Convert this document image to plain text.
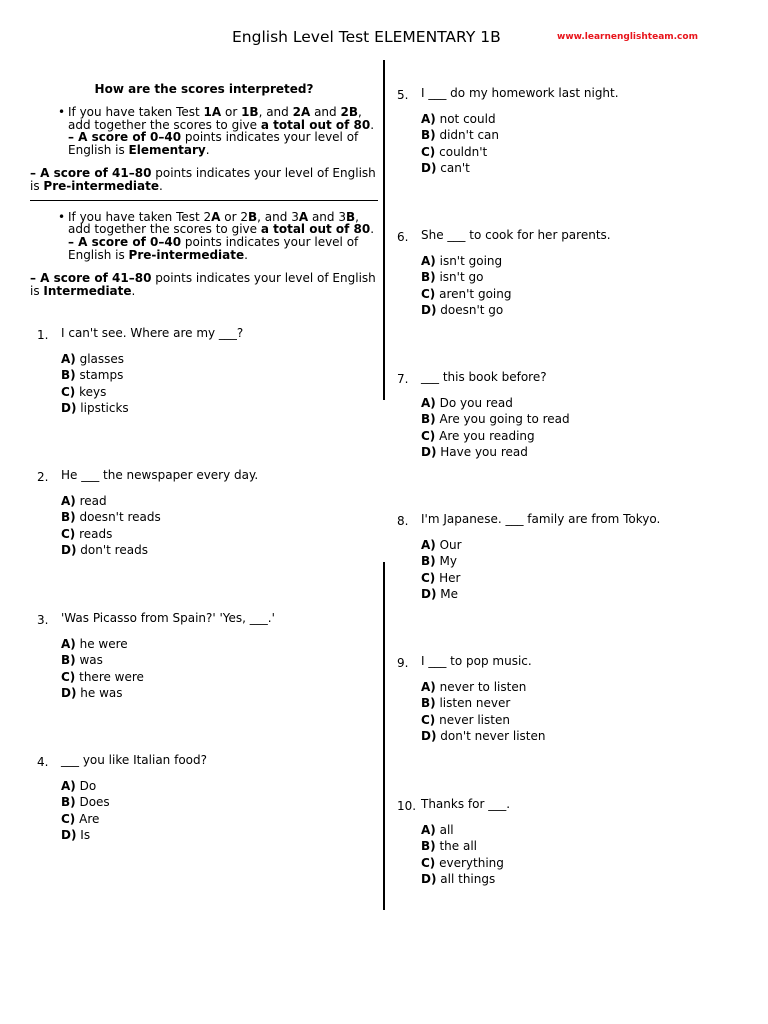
English Level Test ELEMENTARY 1B	www.learnenglishteam.com
How are the scores interpreted?
• If you have taken Test 1A or 1B, and 2A and 2B, add together the scores to give a total out of 80. – A score of 0–40 points indicates your level of English is Elementary.
– A score of 41–80 points indicates your level of English is Pre-intermediate.
• If you have taken Test 2A or 2B, and 3A and 3B, add together the scores to give a total out of 80. – A score of 0–40 points indicates your level of English is Pre-intermediate.
– A score of 41–80 points indicates your level of English is Intermediate.
1.	I can't see. Where are my ___?
A) glasses
B) stamps
C) keys
D) lipsticks
2.	He ___ the newspaper every day.
A) read
B) doesn't reads
C) reads
D) don't reads
3.	'Was Picasso from Spain?' 'Yes, ___.'
A) he were
B) was
C) there were
D) he was
4.	___ you like Italian food?
A) Do
B) Does
C) Are
D) Is
5.	I ___ do my homework last night.
A) not could
B) didn't can
C) couldn't
D) can't
6.	She ___ to cook for her parents.
A) isn't going
B) isn't go
C) aren't going
D) doesn't go
7.	___ this book before?
A) Do you read
B) Are you going to read
C) Are you reading
D) Have you read
8.	I'm Japanese. ___ family are from Tokyo.
A) Our
B) My
C) Her
D) Me
9.	I ___ to pop music.
A) never to listen
B) listen never
C) never listen
D) don't never listen
10. Thanks for ___.
A) all
B) the all
C) everything
D) all things
